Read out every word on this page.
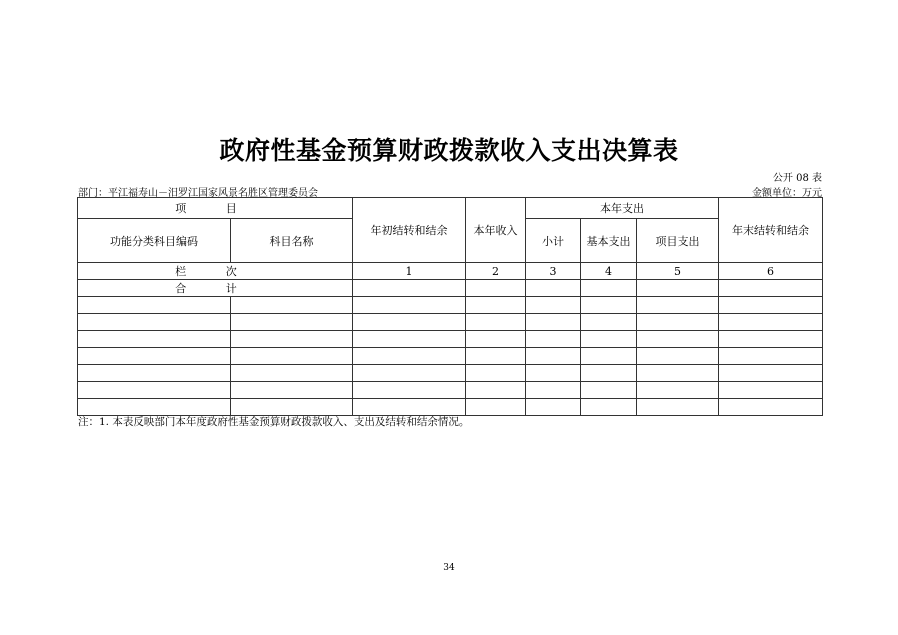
政府性基金预算财政拨款收入支出决算表
公开 08 表
部门：平江福寿山－汨罗江国家风景名胜区管理委员会	金额单位：万元
项 目		年初结转和结余	本年收入	本年支出			年末结转和结余
功能分类科目编码	科目名称			小计	基本支出	项目支出	
栏 次		1	2	3	4	5	6
合 计							

注：1. 本表反映部门本年度政府性基金预算财政拨款收入、支出及结转和结余情况。
34
